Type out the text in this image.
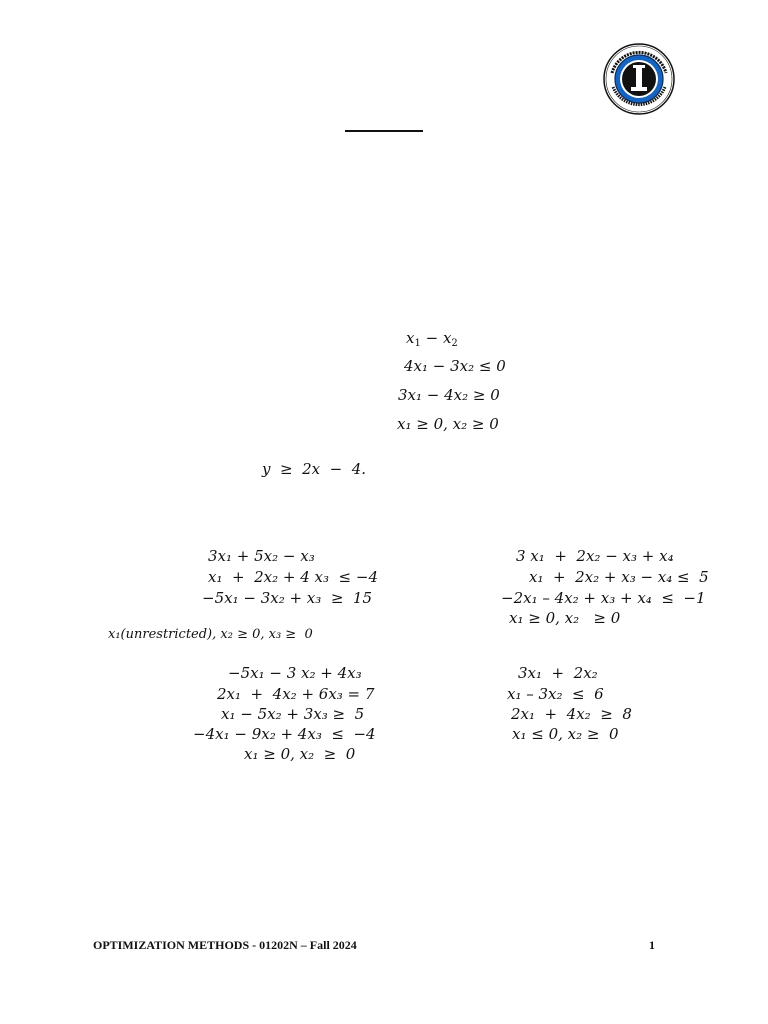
$x_1 - x_2$
4x₁ − 3x₂ ≤ 0
3x₁ − 4x₂ ≥ 0
x₁ ≥ 0, x₂ ≥ 0
y  ≥  2x  −  4.
3x₁ + 5x₂ − x₃
x₁  +  2x₂ + 4 x₃  ≤ −4
−5x₁ − 3x₂ + x₃  ≥  15
x₁(unrestricted), x₂ ≥ 0, x₃ ≥  0
3 x₁  +  2x₂ − x₃ + x₄
x₁  +  2x₂ + x₃ − x₄ ≤  5
−2x₁ – 4x₂ + x₃ + x₄  ≤  −1
x₁ ≥ 0, x₂   ≥ 0
−5x₁ − 3 x₂ + 4x₃
2x₁  +  4x₂ + 6x₃ = 7
x₁ − 5x₂ + 3x₃ ≥  5
−4x₁ − 9x₂ + 4x₃  ≤  −4
x₁ ≥ 0, x₂  ≥  0
3x₁  +  2x₂
x₁ – 3x₂  ≤  6
2x₁  +  4x₂  ≥  8
x₁ ≤ 0, x₂ ≥  0
OPTIMIZATION METHODS - 01202N – Fall 2024	1
